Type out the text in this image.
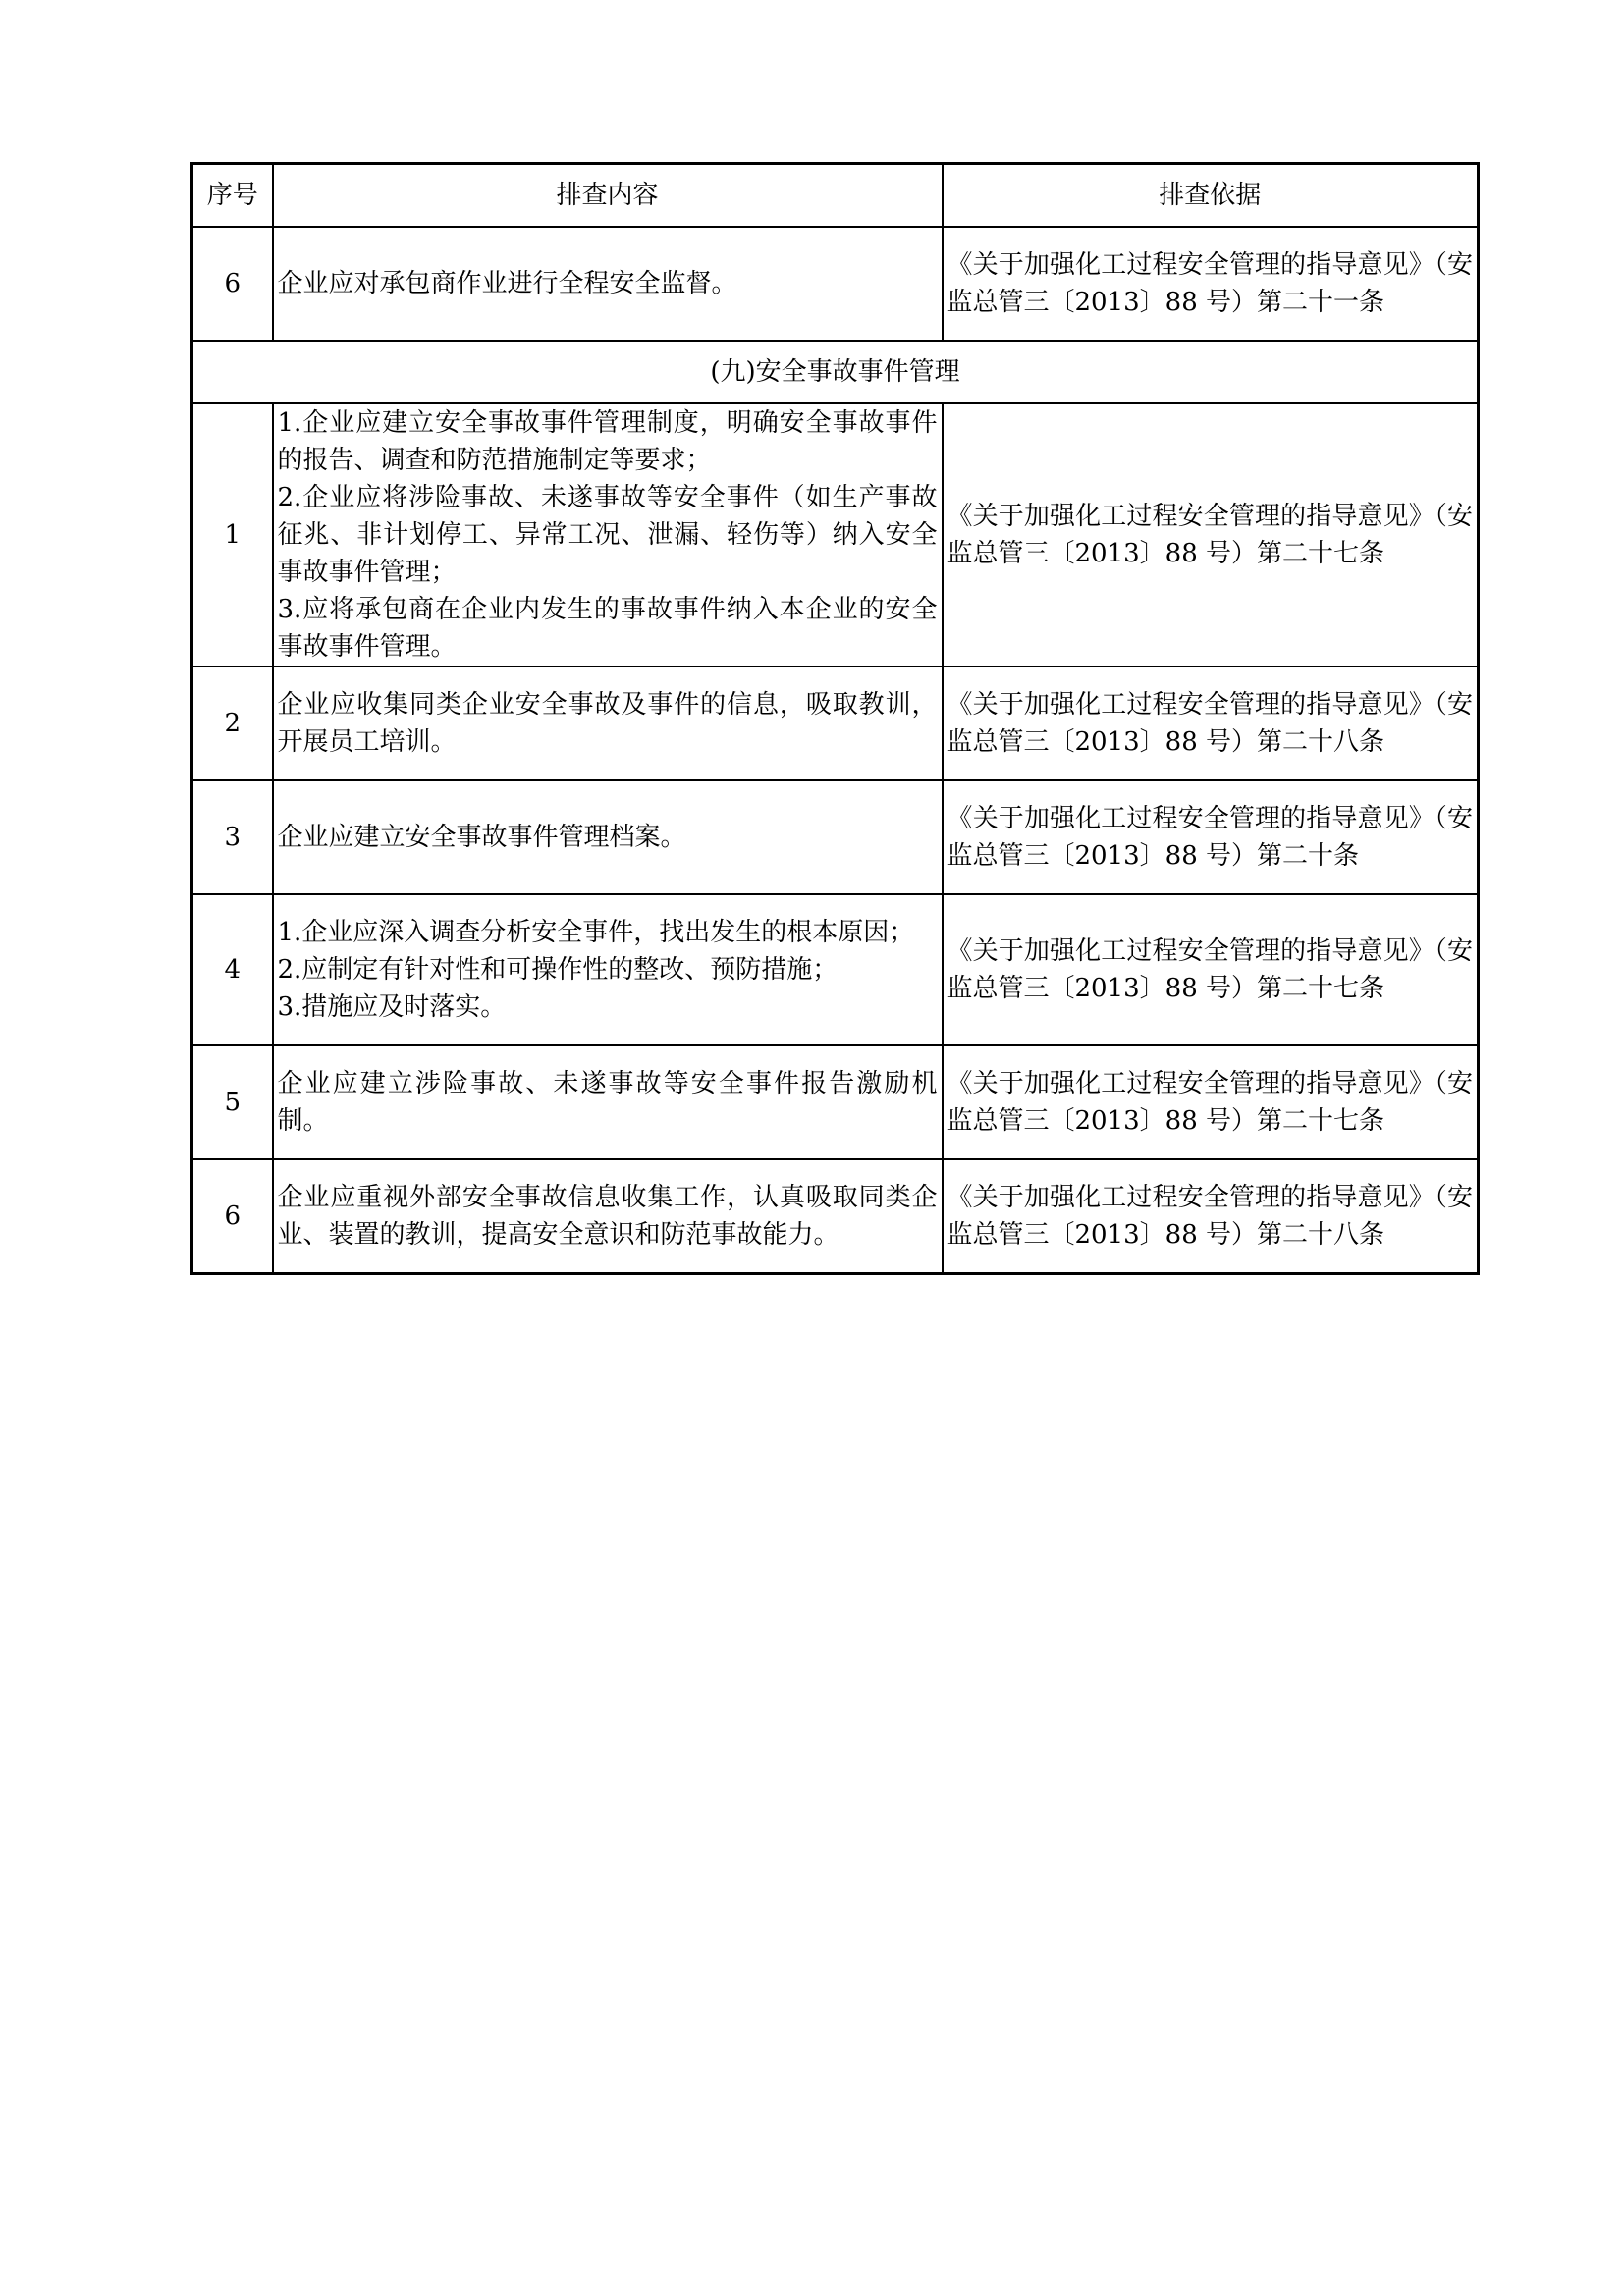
序号	排查内容	排查依据
6	企业应对承包商作业进行全程安全监督。	《关于加强化工过程安全管理的指导意见》（安监总管三〔2013〕88 号）第二十一条
(九)安全事故事件管理		
1	1.企业应建立安全事故事件管理制度，明确安全事故事件的报告、调查和防范措施制定等要求；
2.企业应将涉险事故、未遂事故等安全事件（如生产事故征兆、非计划停工、异常工况、泄漏、轻伤等）纳入安全事故事件管理；
3.应将承包商在企业内发生的事故事件纳入本企业的安全事故事件管理。	《关于加强化工过程安全管理的指导意见》（安监总管三〔2013〕88 号）第二十七条
2	企业应收集同类企业安全事故及事件的信息，吸取教训，开展员工培训。	《关于加强化工过程安全管理的指导意见》（安监总管三〔2013〕88 号）第二十八条
3	企业应建立安全事故事件管理档案。	《关于加强化工过程安全管理的指导意见》（安监总管三〔2013〕88 号）第二十条
4	1.企业应深入调查分析安全事件，找出发生的根本原因；
2.应制定有针对性和可操作性的整改、预防措施；
3.措施应及时落实。	《关于加强化工过程安全管理的指导意见》（安监总管三〔2013〕88 号）第二十七条
5	企业应建立涉险事故、未遂事故等安全事件报告激励机制。	《关于加强化工过程安全管理的指导意见》（安监总管三〔2013〕88 号）第二十七条
6	企业应重视外部安全事故信息收集工作，认真吸取同类企业、装置的教训，提高安全意识和防范事故能力。	《关于加强化工过程安全管理的指导意见》（安监总管三〔2013〕88 号）第二十八条
